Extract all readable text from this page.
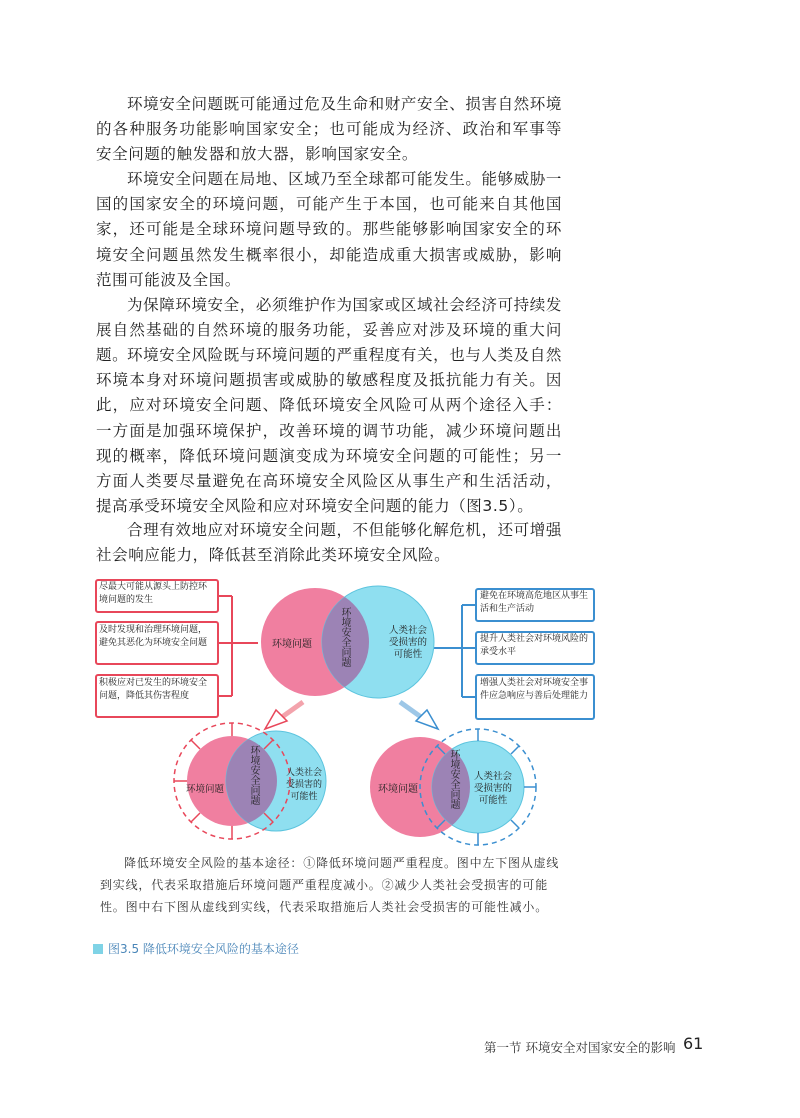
环境安全问题既可能通过危及生命和财产安全、损害自然环境的各种服务功能影响国家安全；也可能成为经济、政治和军事等安全问题的触发器和放大器，影响国家安全。

环境安全问题在局地、区域乃至全球都可能发生。能够威胁一国的国家安全的环境问题，可能产生于本国，也可能来自其他国家，还可能是全球环境问题导致的。那些能够影响国家安全的环境安全问题虽然发生概率很小，却能造成重大损害或威胁，影响范围可能波及全国。

为保障环境安全，必须维护作为国家或区域社会经济可持续发展自然基础的自然环境的服务功能，妥善应对涉及环境的重大问题。

环境安全风险既与环境问题的严重程度有关，也与人类及自然环境本身对环境问题损害或威胁的敏感程度及抵抗能力有关。因此，应对环境安全问题、降低环境安全风险可从两个途径入手：一方面是加强环境保护，改善环境的调节功能，减少环境问题出现的概率，降低环境问题演变成为环境安全问题的可能性；另一方面人类要尽量避免在高环境安全风险区从事生产和生活活动，提高承受环境安全风险和应对环境安全问题的能力（图3.5）。

合理有效地应对环境安全问题，不但能够化解危机，还可增强社会响应能力，降低甚至消除此类环境安全风险。

尽最大可能从源头上防控环境问题的发生
及时发现和治理环境问题，避免其恶化为环境安全问题
积极应对已发生的环境安全问题，降低其伤害程度
避免在环境高危地区从事生活和生产活动
提升人类社会对环境风险的承受水平
增强人类社会对环境安全事件应急响应与善后处理能力
环境问题
人类社会受损害的可能性
环境安全问题
环境问题
人类社会受损害的可能性
环境安全问题	环境问题
人类社会受损害的可能性
环境安全问题

降低环境安全风险的基本途径：①降低环境问题严重程度。图中左下图从虚线到实线，代表采取措施后环境问题严重程度减小。②减少人类社会受损害的可能性。图中右下图从虚线到实线，代表采取措施后人类社会受损害的可能性减小。

图3.5 降低环境安全风险的基本途径
第一节 环境安全对国家安全的影响 61
